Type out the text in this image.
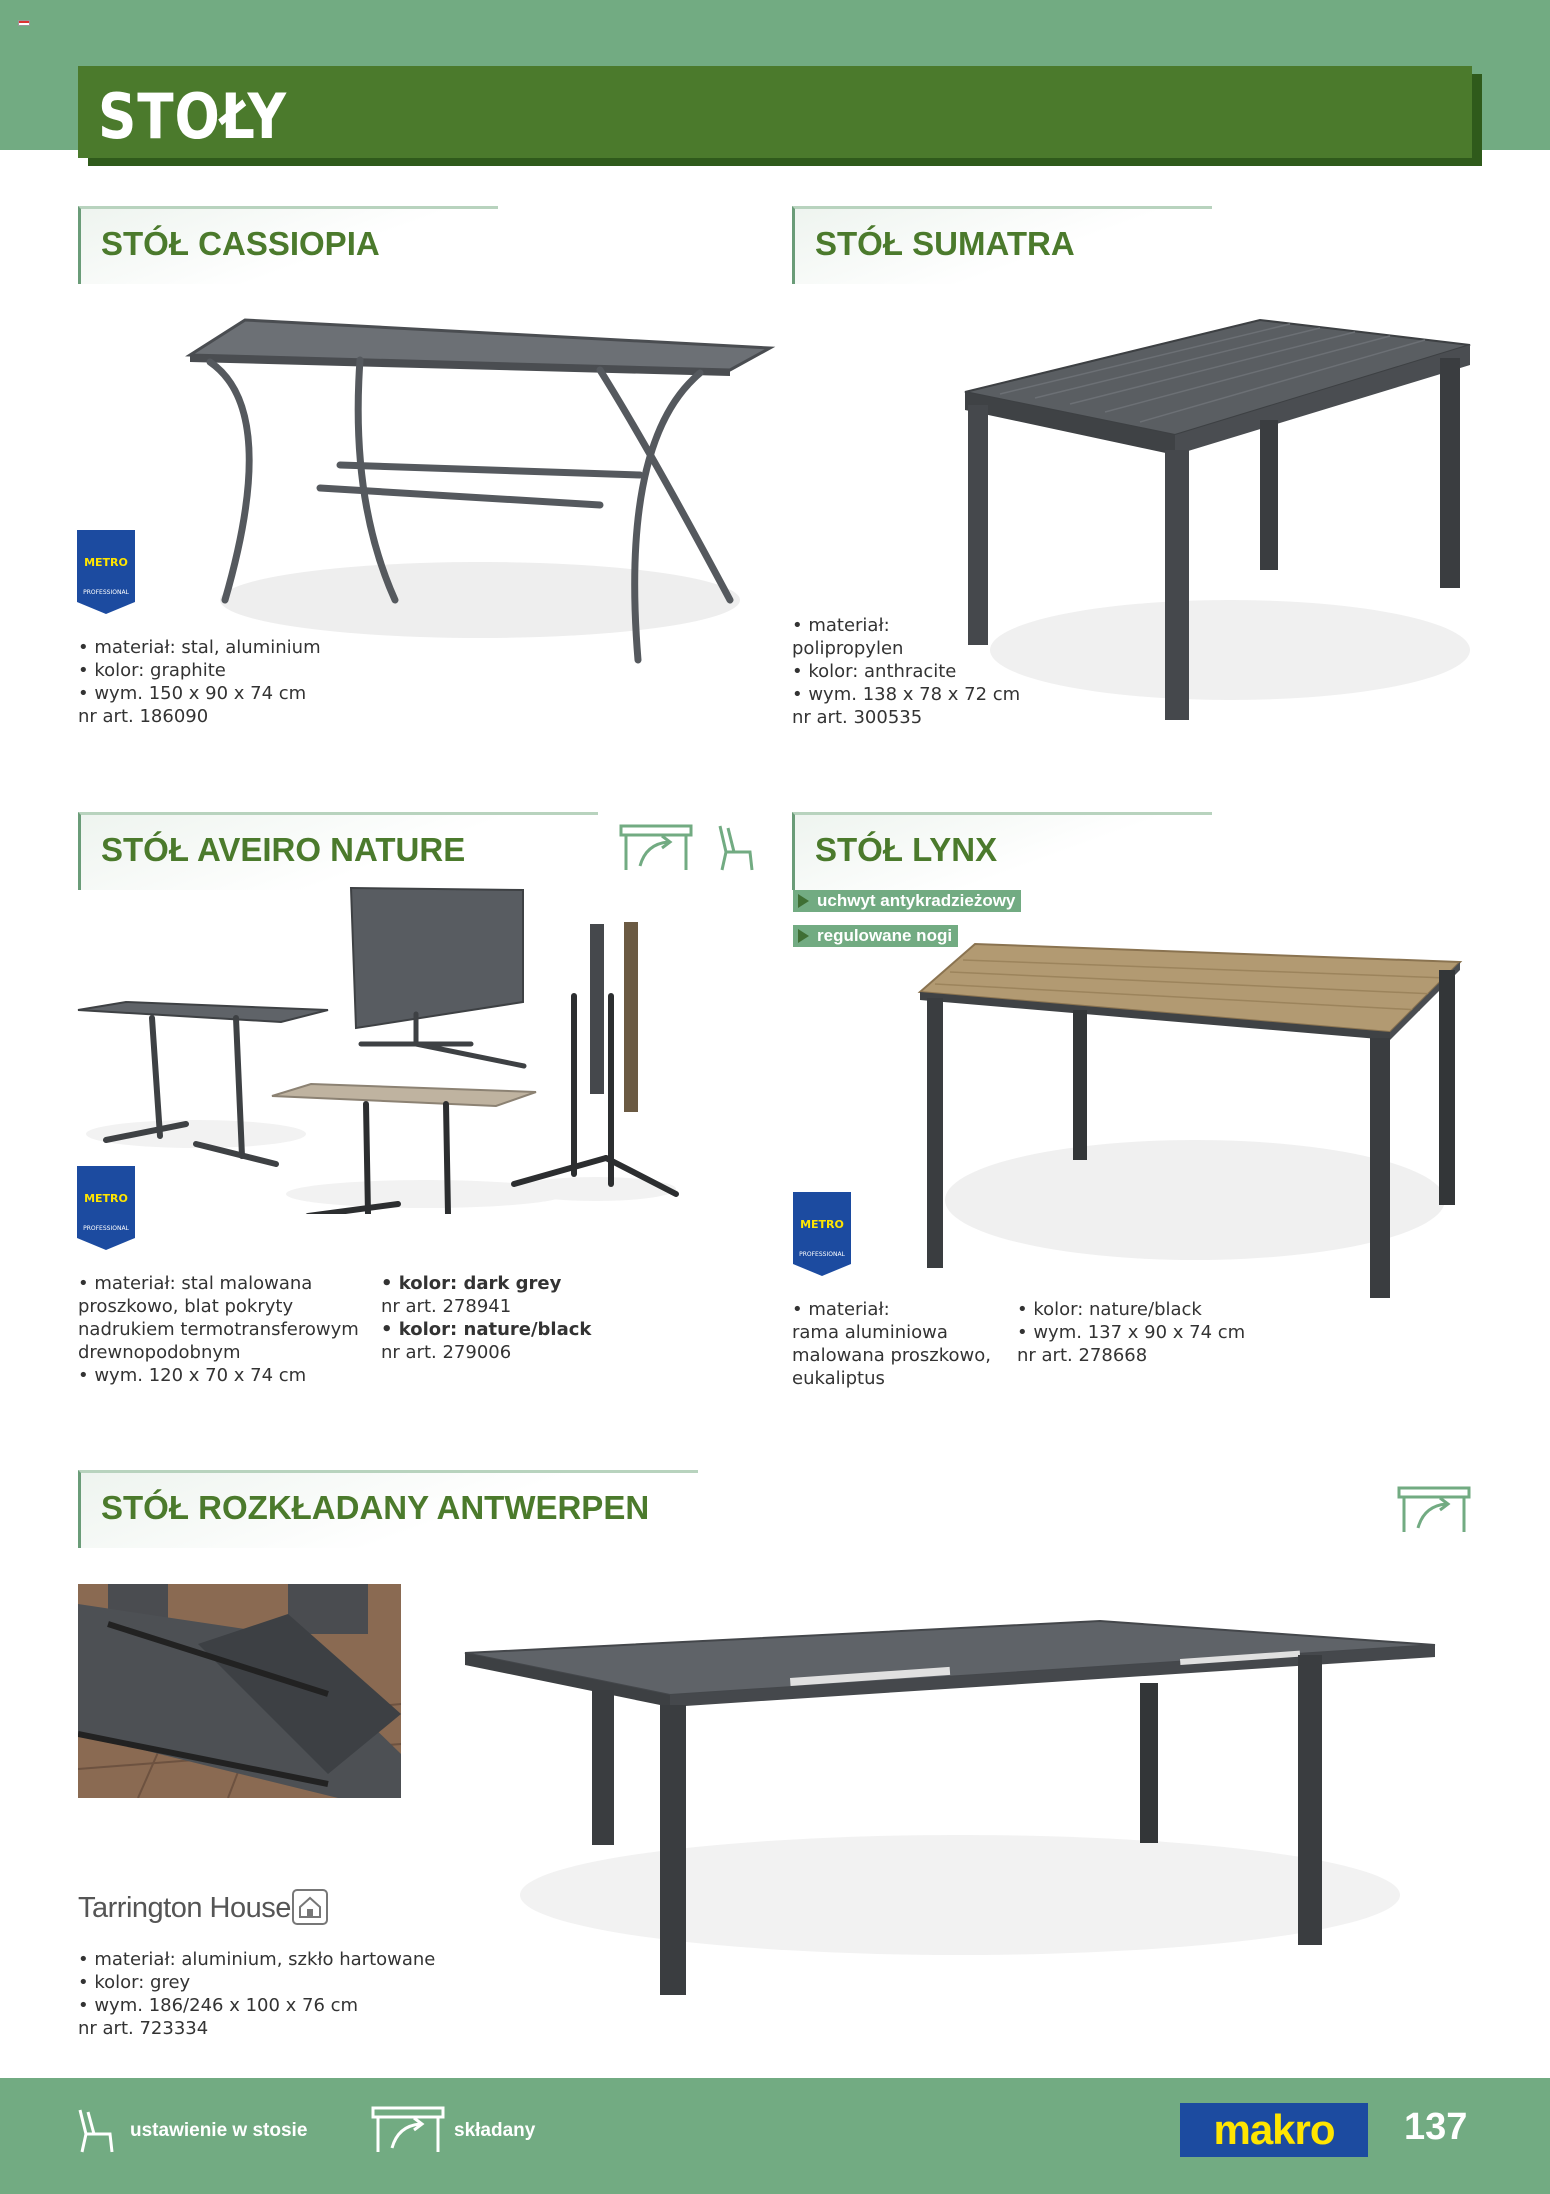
STOŁY
STÓŁ CASSIOPIA
METRO
PROFESSIONAL

• materiał: stal, aluminium

• kolor: graphite

• wym. 150 x 90 x 74 cm

nr art. 186090

STÓŁ SUMATRA

• materiał:

polipropylen

• kolor: anthracite

• wym. 138 x 78 x 72 cm

nr art. 300535

STÓŁ AVEIRO NATURE
METRO
PROFESSIONAL

• materiał: stal malowana

proszkowo, blat pokryty

nadrukiem termotransferowym

drewnopodobnym

• wym. 120 x 70 x 74 cm

• kolor: dark grey

nr art. 278941

• kolor: nature/black

nr art. 279006

STÓŁ LYNX
uchwyt antykradzieżowy
regulowane nogi
METRO
PROFESSIONAL

• materiał:

rama aluminiowa

malowana proszkowo,

eukaliptus

• kolor: nature/black

• wym. 137 x 90 x 74 cm

nr art. 278668

STÓŁ ROZKŁADANY ANTWERPEN
Tarrington House

• materiał: aluminium, szkło hartowane

• kolor: grey

• wym. 186/246 x 100 x 76 cm

nr art. 723334

ustawienie w stosie	składany	makro	137
